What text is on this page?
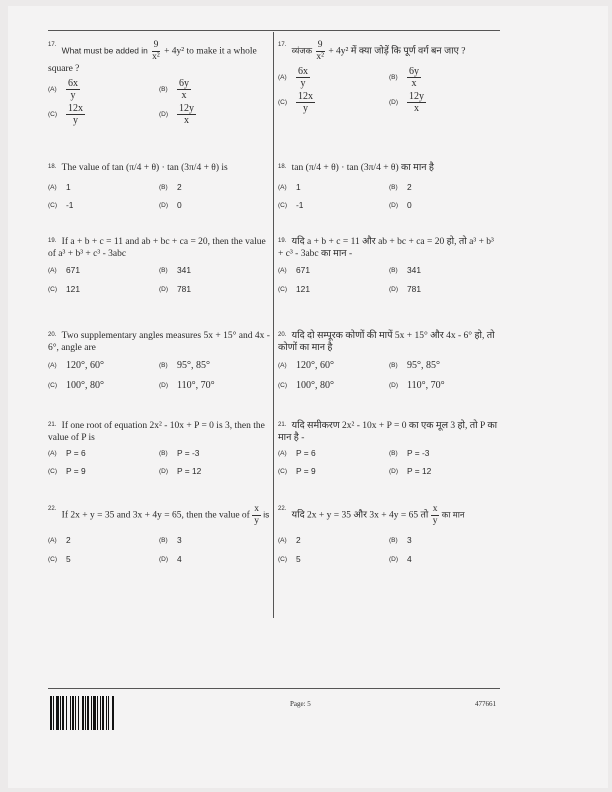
$^{17.}$ What must be added in $\frac{9}{\text{x²}} + 4y^2$ to make it a whole square ?
$(A) \frac{6x}{y}$	$(B) \frac{6y}{x}$
$(C) \frac{12x}{y}$	$(D) \frac{12y}{x}$
$^{18.}$ The value of tan (π/4 + θ) · tan (3π/4 + θ) is
(A)	1	(B)	2
(C)	-1	(D)	0
$^{19.}$ If a + b + c = 11 and ab + bc + ca = 20, then the value of a³ + b³ + c³ - 3abc
(A)	671	(B)	341
(C)	121	(D)	781
$^{20.}$ Two supplementary angles measures 5x + 15° and 4x - 6°, angle are
(A) 120°, 60°	(B) 95°, 85°
(C) 100°, 80°	(D) 110°, 70°
$^{21.}$ If one root of equation 2x² - 10x + P = 0 is 3, then the value of P is
(A)	P = 6	(B)	P = -3
(C)	P = 9	(D)	P = 12
$^{22.}$ If 2x + y = 35 and 3x + 4y = 65, then the value of $\frac{x}{y}$ is
(A)	2	(B)	3
(C)	5	(D)	4
$^{17.}$ व्यंजक $\frac{9}{\text{x²}} + 4y^2$ में क्या जोड़ें कि पूर्ण वर्ग बन जाए ?
$(A) \frac{6x}{y}$	$(B) \frac{6y}{x}$
$(C) \frac{12x}{y}$	$(D) \frac{12y}{x}$
$^{18.}$ tan (π/4 + θ) · tan (3π/4 + θ) का मान है
(A)	1	(B)	2
(C)	-1	(D)	0
$^{19.}$ यदि a + b + c = 11 और ab + bc + ca = 20 हो, तो a³ + b³ + c³ - 3abc का मान -
(A)	671	(B)	341
(C)	121	(D)	781
$^{20.}$ यदि दो सम्पूरक कोणों की मापें 5x + 15° और 4x - 6° हो, तो कोणों का मान है
(A) 120°, 60°	(B) 95°, 85°
(C) 100°, 80°	(D) 110°, 70°
$^{21.}$ यदि समीकरण 2x² - 10x + P = 0 का एक मूल 3 हो, तो P का मान है -
(A)	P = 6	(B)	P = -3
(C)	P = 9	(D)	P = 12
$^{22.}$ यदि 2x + y = 35 और 3x + 4y = 65 तो $\frac{x}{y}$ का मान
(A)	2	(B)	3
(C)	5	(D)	4
Page: 5	477661
